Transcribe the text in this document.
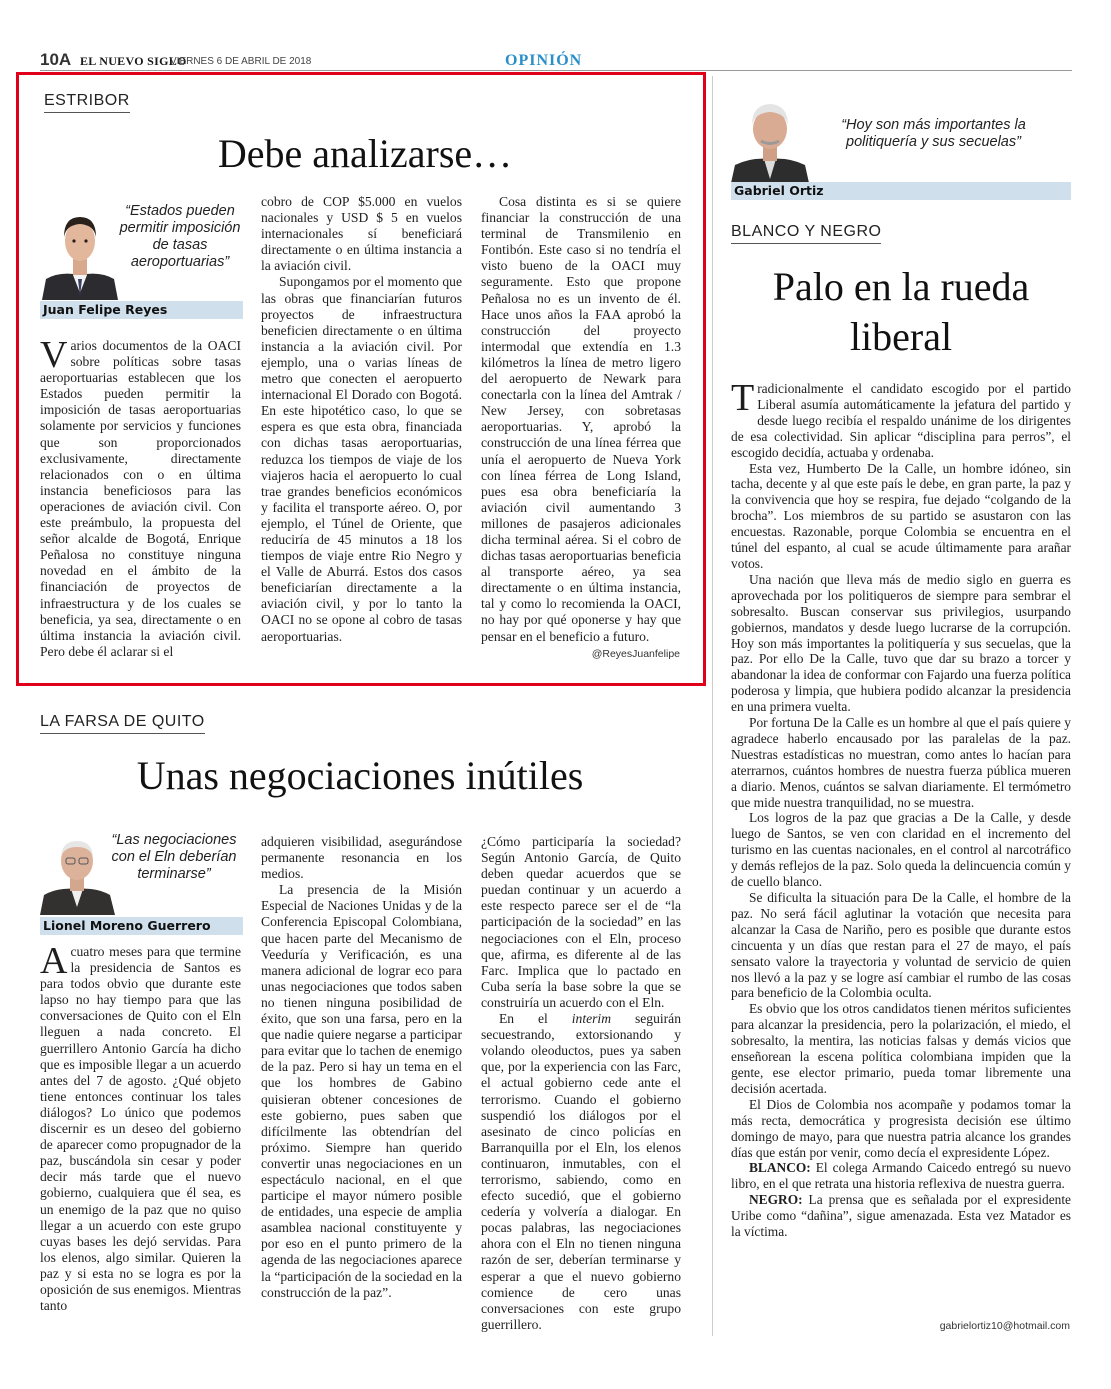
10A EL NUEVO SIGLO
VIERNES 6 DE ABRIL DE 2018	OPINIÓN
ESTRIBOR
Debe analizarse…
“Estados pueden permitir imposición de tasas aeroportuarias”
Juan Felipe Reyes

Varios documentos de la OACI sobre políticas sobre tasas aeroportuarias establecen que los Estados pueden permitir la imposición de tasas aeroportuarias solamente por servicios y funciones que son proporcionados exclusivamente, directamente relacionados con o en última instancia beneficiosos para las operaciones de aviación civil. Con este preámbulo, la propuesta del señor alcalde de Bogotá, Enrique Peñalosa no constituye ninguna novedad en el ámbito de la financiación de proyectos de infraestructura y de los cuales se beneficia, ya sea, directamente o en última instancia la aviación civil. Pero debe él aclarar si el

cobro de COP $5.000 en vuelos nacionales y USD $ 5 en vuelos internacionales sí beneficiará directamente o en última instancia a la aviación civil.

Supongamos por el momento que las obras que financiarían futuros proyectos de infraestructura beneficien directamente o en última instancia a la aviación civil. Por ejemplo, una o varias líneas de metro que conecten el aeropuerto internacional El Dorado con Bogotá. En este hipotético caso, lo que se espera es que esta obra, financiada con dichas tasas aeroportuarias, reduzca los tiempos de viaje de los viajeros hacia el aeropuerto lo cual trae grandes beneficios económicos y facilita el transporte aéreo. O, por ejemplo, el Túnel de Oriente, que reduciría de 45 minutos a 18 los tiempos de viaje entre Rio Negro y el Valle de Aburrá. Estos dos casos beneficiarían directamente a la aviación civil, y por lo tanto la OACI no se opone al cobro de tasas aeroportuarias.

Cosa distinta es si se quiere financiar la construcción de una terminal de Transmilenio en Fontibón. Este caso si no tendría el visto bueno de la OACI muy seguramente. Esto que propone Peñalosa no es un invento de él. Hace unos años la FAA aprobó la construcción del proyecto intermodal que extendía en 1.3 kilómetros la línea de metro ligero del aeropuerto de Newark para conectarla con la línea del Amtrak / New Jersey, con sobretasas aeroportuarias. Y, aprobó la construcción de una línea férrea que unía el aeropuerto de Nueva York con línea férrea de Long Island, pues esa obra beneficiaría la aviación civil aumentando 3 millones de pasajeros adicionales dicha terminal aérea. Si el cobro de dichas tasas aeroportuarias beneficia al transporte aéreo, ya sea directamente o en última instancia, tal y como lo recomienda la OACI, no hay por qué oponerse y hay que pensar en el beneficio a futuro.

@ReyesJuanfelipe
LA FARSA DE QUITO
Unas negociaciones inútiles
“Las negociaciones con el Eln deberían terminarse”
Lionel Moreno Guerrero

Acuatro meses para que termine la presidencia de Santos es para todos obvio que durante este lapso no hay tiempo para que las conversaciones de Quito con el Eln lleguen a nada concreto. El guerrillero Antonio García ha dicho que es imposible llegar a un acuerdo antes del 7 de agosto. ¿Qué objeto tiene entonces continuar los tales diálogos? Lo único que podemos discernir es un deseo del gobierno de aparecer como propugnador de la paz, buscándola sin cesar y poder decir más tarde que el nuevo gobierno, cualquiera que él sea, es un enemigo de la paz que no quiso llegar a un acuerdo con este grupo cuyas bases les dejó servidas. Para los elenos, algo similar. Quieren la paz y si esta no se logra es por la oposición de sus enemigos. Mientras tanto

adquieren visibilidad, asegurándose permanente resonancia en los medios.

La presencia de la Misión Especial de Naciones Unidas y de la Conferencia Episcopal Colombiana, que hacen parte del Mecanismo de Veeduría y Verificación, es una manera adicional de lograr eco para unas negociaciones que todos saben no tienen ninguna posibilidad de éxito, que son una farsa, pero en la que nadie quiere negarse a participar para evitar que lo tachen de enemigo de la paz. Pero si hay un tema en el que los hombres de Gabino quisieran obtener concesiones de este gobierno, pues saben que difícilmente las obtendrían del próximo. Siempre han querido convertir unas negociaciones en un espectáculo nacional, en el que participe el mayor número posible de entidades, una especie de amplia asamblea nacional constituyente y por eso en el punto primero de la agenda de las negociaciones aparece la “participación de la sociedad en la construcción de la paz”.

¿Cómo participaría la sociedad? Según Antonio García, de Quito deben quedar acuerdos que se puedan continuar y un acuerdo a este respecto parece ser el de “la participación de la sociedad” en las negociaciones con el Eln, proceso que, afirma, es diferente al de las Farc. Implica que lo pactado en Cuba sería la base sobre la que se construiría un acuerdo con el Eln.

En el interim seguirán secuestrando, extorsionando y volando oleoductos, pues ya saben que, por la experiencia con las Farc, el actual gobierno cede ante el terrorismo. Cuando el gobierno suspendió los diálogos por el asesinato de cinco policías en Barranquilla por el Eln, los elenos continuaron, inmutables, con el terrorismo, sabiendo, como en efecto sucedió, que el gobierno cedería y volvería a dialogar. En pocas palabras, las negociaciones ahora con el Eln no tienen ninguna razón de ser, deberían terminarse y esperar a que el nuevo gobierno comience de cero unas conversaciones con este grupo guerrillero.

“Hoy son más importantes la politiquería y sus secuelas”
Gabriel Ortiz
BLANCO Y NEGRO
Palo en la rueda
liberal

Tradicionalmente el candidato escogido por el partido Liberal asumía automáticamente la jefatura del partido y desde luego recibía el respaldo unánime de los dirigentes de esa colectividad. Sin aplicar “disciplina para perros”, el escogido decidía, actuaba y ordenaba.

Esta vez, Humberto De la Calle, un hombre idóneo, sin tacha, decente y al que este país le debe, en gran parte, la paz y la convivencia que hoy se respira, fue dejado “colgando de la brocha”. Los miembros de su partido se asustaron con las encuestas. Razonable, porque Colombia se encuentra en el túnel del espanto, al cual se acude últimamente para arañar votos.

Una nación que lleva más de medio siglo en guerra es aprovechada por los politiqueros de siempre para sembrar el sobresalto. Buscan conservar sus privilegios, usurpando gobiernos, mandatos y desde luego lucrarse de la corrupción. Hoy son más importantes la politiquería y sus secuelas, que la paz. Por ello De la Calle, tuvo que dar su brazo a torcer y abandonar la idea de conformar con Fajardo una fuerza política poderosa y limpia, que hubiera podido alcanzar la presidencia en una primera vuelta.

Por fortuna De la Calle es un hombre al que el país quiere y agradece haberlo encausado por las paralelas de la paz. Nuestras estadísticas no muestran, como antes lo hacían para aterrarnos, cuántos hombres de nuestra fuerza pública mueren a diario. Menos, cuántos se salvan diariamente. El termómetro que mide nuestra tranquilidad, no se muestra.

Los logros de la paz que gracias a De la Calle, y desde luego de Santos, se ven con claridad en el incremento del turismo en las cuentas nacionales, en el control al narcotráfico y demás reflejos de la paz. Solo queda la delincuencia común y de cuello blanco.

Se dificulta la situación para De la Calle, el hombre de la paz. No será fácil aglutinar la votación que necesita para alcanzar la Casa de Nariño, pero es posible que durante estos cincuenta y un días que restan para el 27 de mayo, el país sensato valore la trayectoria y voluntad de servicio de quien nos llevó a la paz y se logre así cambiar el rumbo de las cosas para beneficio de la Colombia oculta.

Es obvio que los otros candidatos tienen méritos suficientes para alcanzar la presidencia, pero la polarización, el miedo, el sobresalto, la mentira, las noticias falsas y demás vicios que enseñorean la escena política colombiana impiden que la gente, ese elector primario, pueda tomar libremente una decisión acertada.

El Dios de Colombia nos acompañe y podamos tomar la más recta, democrática y progresista decisión ese último domingo de mayo, para que nuestra patria alcance los grandes días que están por venir, como decía el expresidente López.

BLANCO: El colega Armando Caicedo entregó su nuevo libro, en el que retrata una historia reflexiva de nuestra guerra.

NEGRO: La prensa que es señalada por el expresidente Uribe como “dañina”, sigue amenazada. Esta vez Matador es la víctima.

gabrielortiz10@hotmail.com
